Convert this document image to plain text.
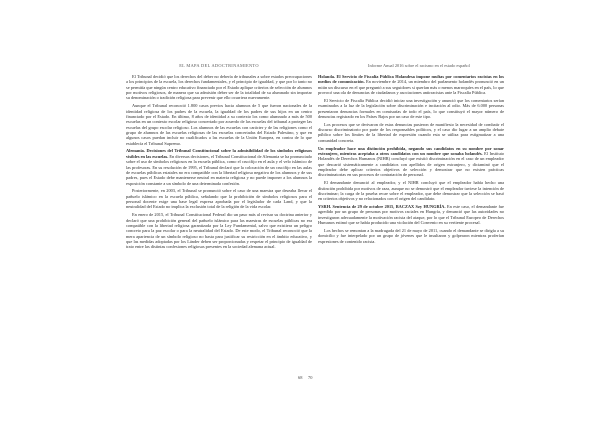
EL MAPA DEL ADOCTRINAMIENTO

El Tribunal decidió que los derechos del deber no debería de tribunales a sobre estados preocupaciones a los principios de la escuela, los derechos fundamentales, y el principio de igualdad, y que por lo tanto no se permitía que ningún centro educativo financiado por el Estado aplique criterios de selección de alumnos por motivos religiosos, de manera que su admisión deber ser de la totalidad de su alumnado sin importar su denominación o tradición religiosa para prevenir que ello ocurriera nuevamente.

Aunque el Tribunal reconoció 1.800 casos previos hacia alumnos de 5 que fueron nacionales de la identidad religiosa de los padres de la escuela, la igualdad de los padres de sus hijos en un centro financiado por el Estado. En último, 8 años de identidad a su contexto los como alumnado a más de 500 escuelas en un contexto escolar religioso concertado por acuerdo de las escuelas del tribunal a proteger las escuelas del grupo escolar religioso. Los alumnos de las escuelas con carácter y de las religiones como el grupo de alumnos de las escuelas religiosas de las escuelas concertadas del Estado Palestino, y que en algunos casos puedan incluir no cualificados a las escuelas de la Unión Europea, en contra de lo que establecía el Tribunal Supremo.

Alemania. Decisiones del Tribunal Constitucional sobre la admisibilidad de los símbolos religiosos visibles en las escuelas. En diversas decisiones, el Tribunal Constitucional de Alemania se ha pronunciado sobre el uso de símbolos religiosos en la escuela pública, como el crucifijo en el aula y el velo islámico de las profesoras. En su resolución de 1995, el Tribunal declaró que la colocación de un crucifijo en las aulas de escuelas públicas estatales no era compatible con la libertad religiosa negativa de los alumnos y de sus padres, pues el Estado debe mantenerse neutral en materia religiosa y no puede imponer a los alumnos la exposición constante a un símbolo de una determinada confesión.

Posteriormente, en 2003, el Tribunal se pronunció sobre el caso de una maestra que deseaba llevar el pañuelo islámico en la escuela pública, señalando que la prohibición de símbolos religiosos para el personal docente exige una base legal expresa aprobada por el legislador de cada Land, y que la neutralidad del Estado no implica la exclusión total de la religión de la vida escolar.

En enero de 2015, el Tribunal Constitucional Federal dio un paso más al revisar su doctrina anterior y declaró que una prohibición general del pañuelo islámico para las maestras de escuelas públicas no era compatible con la libertad religiosa garantizada por la Ley Fundamental, salvo que existiera un peligro concreto para la paz escolar o para la neutralidad del Estado. De este modo, el Tribunal reconoció que la mera apariencia de un símbolo religioso no basta para justificar su restricción en el ámbito educativo, y que las medidas adoptadas por los Länder deben ser proporcionadas y respetar el principio de igualdad de trato entre las distintas confesiones religiosas presentes en la sociedad alemana actual.

Informe Anual 2016 sobre el racismo en el estado español

Holanda. El Servicio de Fiscalía Pública Holandesa impone multas por comentarios racistas en los medios de comunicación. En noviembre de 2014, un miembro del parlamento holandés pronunció en un mitin un discurso en el que preguntó a sus seguidores si querían más o menos marroquíes en el país, lo que provocó una ola de denuncias de ciudadanos y asociaciones antirracistas ante la Fiscalía Pública.

El Servicio de Fiscalía Pública decidió iniciar una investigación y anunció que los comentarios serían examinados a la luz de la legislación sobre discriminación e incitación al odio. Más de 6.000 personas presentaron denuncias formales en comisarías de todo el país, lo que constituyó el mayor número de denuncias registrado en los Países Bajos por un caso de este tipo.

Los procesos que se derivaron de estas denuncias pusieron de manifiesto la necesidad de combatir el discurso discriminatorio por parte de los responsables políticos, y el caso dio lugar a un amplio debate público sobre los límites de la libertad de expresión cuando esta se utiliza para estigmatizar a una comunidad concreta.

Un empleador hace una distinción prohibida, negando sus candidatos en su nombre por sonar extranjero, mientras aceptaba a otros candidatos con un nombre que sonaba holandés. El Instituto Holandés de Derechos Humanos (NIHR) concluyó que existió discriminación en el caso de un empleador que descartó sistemáticamente a candidatos con apellidos de origen extranjero, y dictaminó que el empleador debe aplicar criterios objetivos de selección y demostrar que no existen prácticas discriminatorias en sus procesos de contratación de personal.

El demandante denunció al empleador, y el NIHR concluyó que el empleador había hecho una distinción prohibida por motivos de raza, aunque no se demostró que el empleador tuviese la intención de discriminar; la carga de la prueba recae sobre el empleador, que debe demostrar que la selección se basó en criterios objetivos y no relacionados con el origen del candidato.

YSRH. Sentencia de 29 de octubre 2015, BACZAX Szy HUNGRÍA. En este caso, el demandante fue agredido por un grupo de personas por motivos raciales en Hungría, y denunció que las autoridades no investigaron adecuadamente la motivación racista del ataque, por lo que el Tribunal Europeo de Derechos Humanos estimó que se había producido una violación del Convenio en su vertiente procesal.

Los hechos se remontan a la madrugada del 21 de mayo de 2011, cuando el demandante se dirigía a su domicilio y fue interpelado por un grupo de jóvenes que le insultaron y golpearon mientras proferían expresiones de contenido racista.

68 70
